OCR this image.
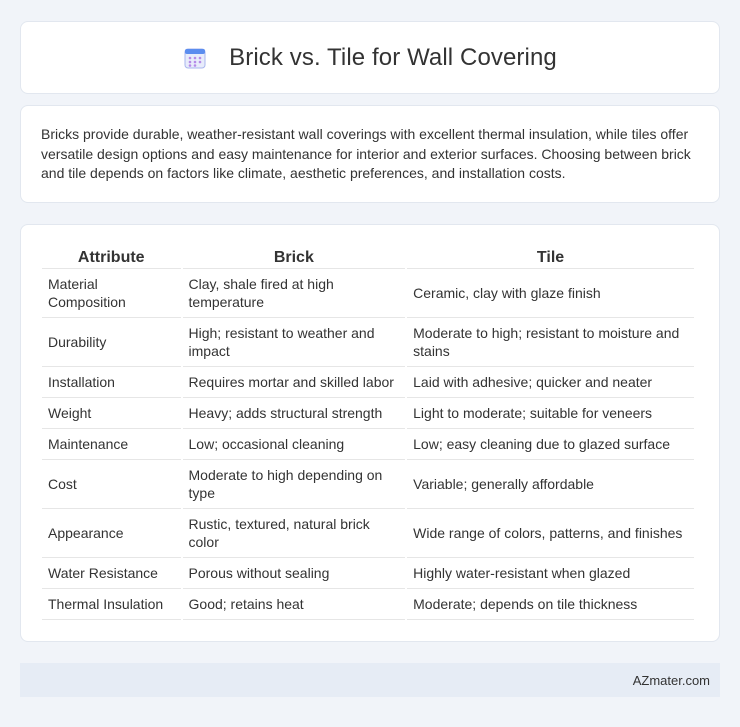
Brick vs. Tile for Wall Covering

Bricks provide durable, weather-resistant wall coverings with excellent thermal insulation, while tiles offer versatile design options and easy maintenance for interior and exterior surfaces. Choosing between brick and tile depends on factors like climate, aesthetic preferences, and installation costs.

Attribute	Brick	Tile
Material Composition	Clay, shale fired at high temperature	Ceramic, clay with glaze finish
Durability	High; resistant to weather and impact	Moderate to high; resistant to moisture and stains
Installation	Requires mortar and skilled labor	Laid with adhesive; quicker and neater
Weight	Heavy; adds structural strength	Light to moderate; suitable for veneers
Maintenance	Low; occasional cleaning	Low; easy cleaning due to glazed surface
Cost	Moderate to high depending on type	Variable; generally affordable
Appearance	Rustic, textured, natural brick color	Wide range of colors, patterns, and finishes
Water Resistance	Porous without sealing	Highly water-resistant when glazed
Thermal Insulation	Good; retains heat	Moderate; depends on tile thickness
AZmater.com
